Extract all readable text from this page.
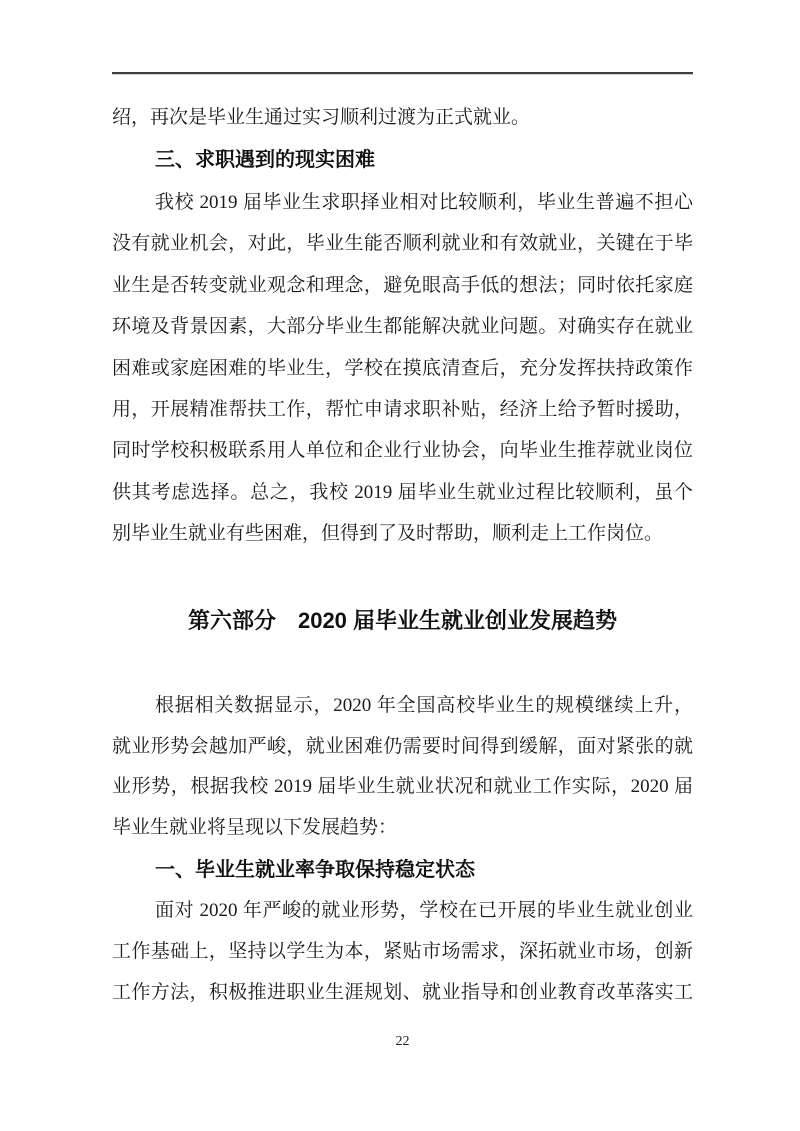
绍，再次是毕业生通过实习顺利过渡为正式就业。
三、求职遇到的现实困难
我校 2019 届毕业生求职择业相对比较顺利，毕业生普遍不担心
没有就业机会，对此，毕业生能否顺利就业和有效就业，关键在于毕
业生是否转变就业观念和理念，避免眼高手低的想法；同时依托家庭
环境及背景因素，大部分毕业生都能解决就业问题。对确实存在就业
困难或家庭困难的毕业生，学校在摸底清查后，充分发挥扶持政策作
用，开展精准帮扶工作，帮忙申请求职补贴，经济上给予暂时援助，
同时学校积极联系用人单位和企业行业协会，向毕业生推荐就业岗位
供其考虑选择。总之，我校 2019 届毕业生就业过程比较顺利，虽个
别毕业生就业有些困难，但得到了及时帮助，顺利走上工作岗位。
第六部分　2020 届毕业生就业创业发展趋势
根据相关数据显示，2020 年全国高校毕业生的规模继续上升，
就业形势会越加严峻，就业困难仍需要时间得到缓解，面对紧张的就
业形势，根据我校 2019 届毕业生就业状况和就业工作实际，2020 届
毕业生就业将呈现以下发展趋势：
一、毕业生就业率争取保持稳定状态
面对 2020 年严峻的就业形势，学校在已开展的毕业生就业创业
工作基础上，坚持以学生为本，紧贴市场需求，深拓就业市场，创新
工作方法，积极推进职业生涯规划、就业指导和创业教育改革落实工
22
